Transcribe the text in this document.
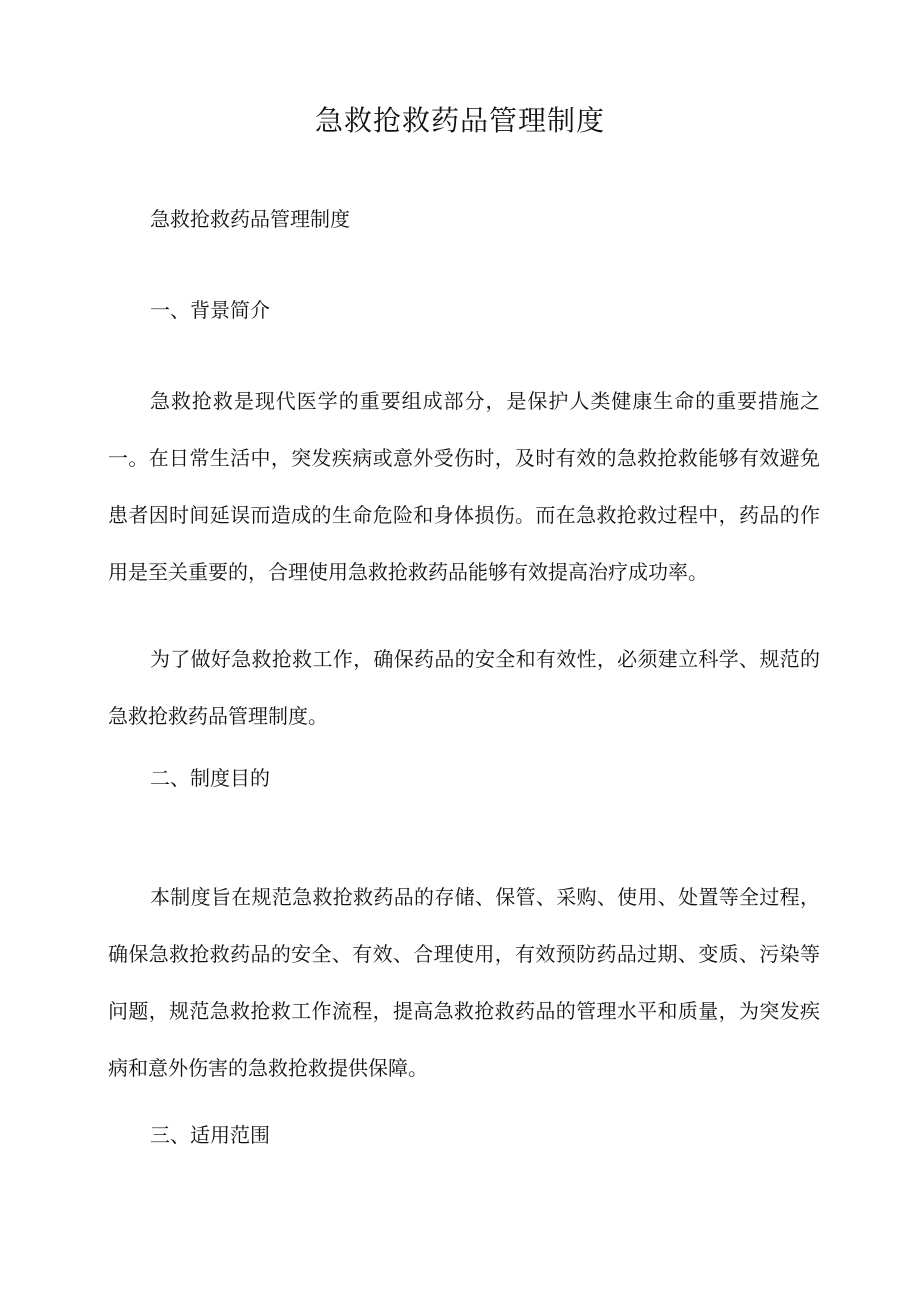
急救抢救药品管理制度
急救抢救药品管理制度
一、背景简介
急救抢救是现代医学的重要组成部分，是保护人类健康生命的重要措施之一。在日常生活中，突发疾病或意外受伤时，及时有效的急救抢救能够有效避免患者因时间延误而造成的生命危险和身体损伤。而在急救抢救过程中，药品的作用是至关重要的，合理使用急救抢救药品能够有效提高治疗成功率。
为了做好急救抢救工作，确保药品的安全和有效性，必须建立科学、规范的急救抢救药品管理制度。
二、制度目的
本制度旨在规范急救抢救药品的存储、保管、采购、使用、处置等全过程，确保急救抢救药品的安全、有效、合理使用，有效预防药品过期、变质、污染等问题，规范急救抢救工作流程，提高急救抢救药品的管理水平和质量，为突发疾病和意外伤害的急救抢救提供保障。
三、适用范围
